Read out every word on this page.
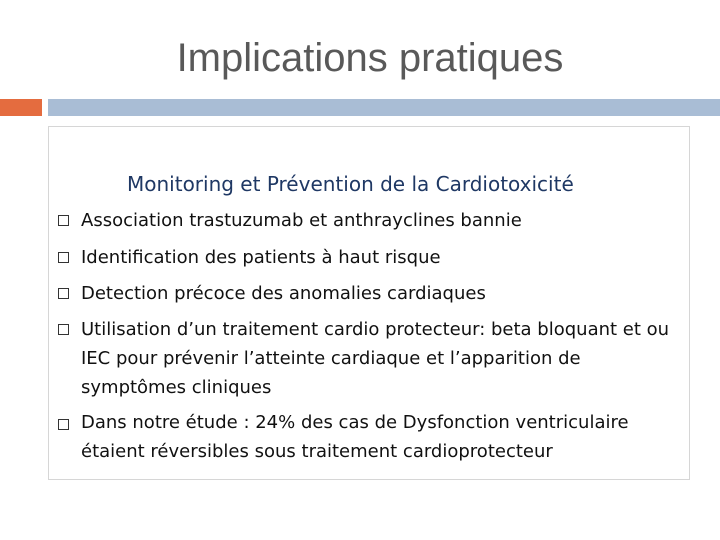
Implications pratiques
Monitoring et Prévention de la Cardiotoxicité
Association trastuzumab et anthrayclines bannie
Identification des patients à haut risque
Detection précoce des anomalies cardiaques
Utilisation d’un traitement cardio protecteur: beta bloquant et ou IEC pour prévenir l’atteinte cardiaque et l’apparition de symptômes cliniques
Dans notre étude : 24% des cas de Dysfonction ventriculaire étaient réversibles sous traitement cardioprotecteur
